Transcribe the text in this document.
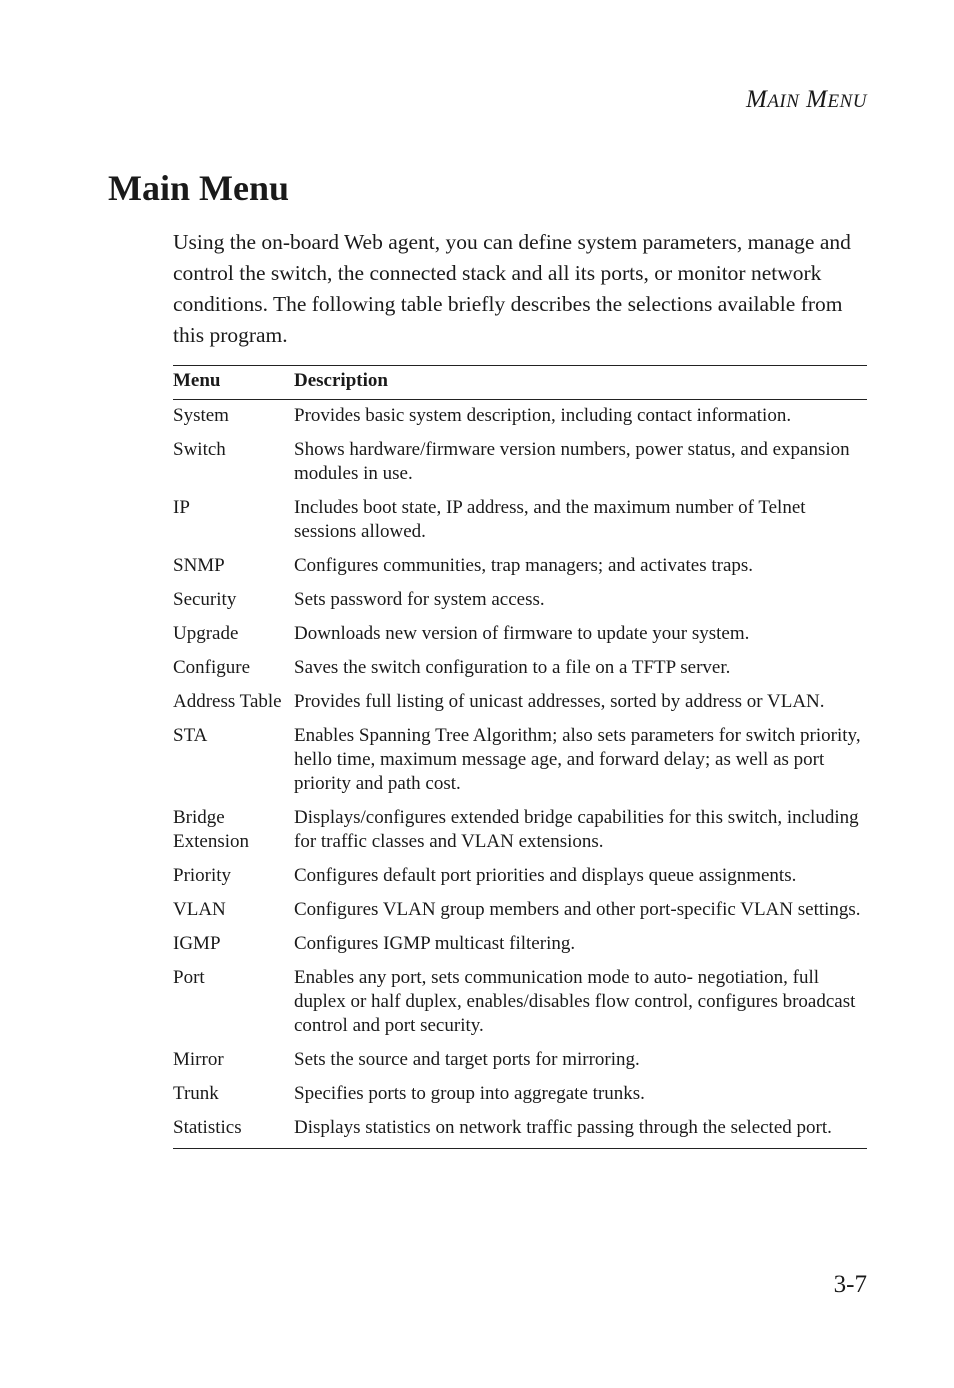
MAIN MENU
Main Menu

Using the on-board Web agent, you can define system parameters, manage and control the switch, the connected stack and all its ports, or monitor network conditions. The following table briefly describes the selections available from this program.

Menu	Description
System	Provides basic system description, including contact information.
Switch	Shows hardware/firmware version numbers, power status, and expansion modules in use.
IP	Includes boot state, IP address, and the maximum number of Telnet sessions allowed.
SNMP	Configures communities, trap managers; and activates traps.
Security	Sets password for system access.
Upgrade	Downloads new version of firmware to update your system.
Configure	Saves the switch configuration to a file on a TFTP server.
Address Table	Provides full listing of unicast addresses, sorted by address or VLAN.
STA	Enables Spanning Tree Algorithm; also sets parameters for switch priority, hello time, maximum message age, and forward delay; as well as port priority and path cost.
Bridge Extension	Displays/configures extended bridge capabilities for this switch, including for traffic classes and VLAN extensions.
Priority	Configures default port priorities and displays queue assignments.
VLAN	Configures VLAN group members and other port-specific VLAN settings.
IGMP	Configures IGMP multicast filtering.
Port	Enables any port, sets communication mode to auto- negotiation, full duplex or half duplex, enables/disables flow control, configures broadcast control and port security.
Mirror	Sets the source and target ports for mirroring.
Trunk	Specifies ports to group into aggregate trunks.
Statistics	Displays statistics on network traffic passing through the selected port.
3-7
